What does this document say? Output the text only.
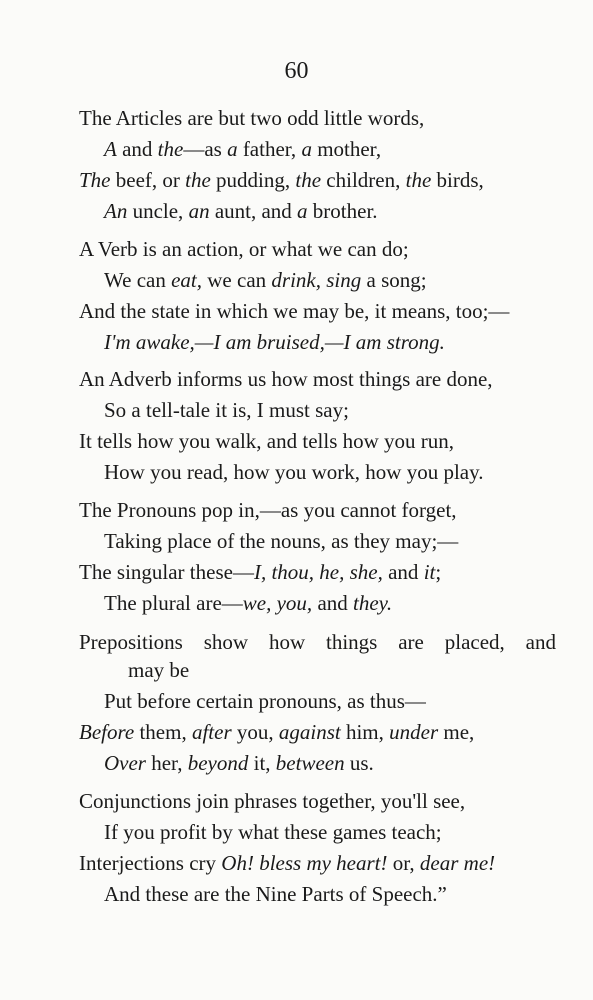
60
The Articles are but two odd little words,
A and the—as a father, a mother,
The beef, or the pudding, the children, the birds,
An uncle, an aunt, and a brother.
A Verb is an action, or what we can do;
We can eat, we can drink, sing a song;
And the state in which we may be, it means, too;—
I'm awake,—I am bruised,—I am strong.
An Adverb informs us how most things are done,
So a tell-tale it is, I must say;
It tells how you walk, and tells how you run,
How you read, how you work, how you play.
The Pronouns pop in,—as you cannot forget,
Taking place of the nouns, as they may;—
The singular these—I, thou, he, she, and it;
The plural are—we, you, and they.
Prepositions show how things are placed, and
may be
Put before certain pronouns, as thus—
Before them, after you, against him, under me,
Over her, beyond it, between us.
Conjunctions join phrases together, you'll see,
If you profit by what these games teach;
Interjections cry Oh! bless my heart! or, dear me!
And these are the Nine Parts of Speech.”
